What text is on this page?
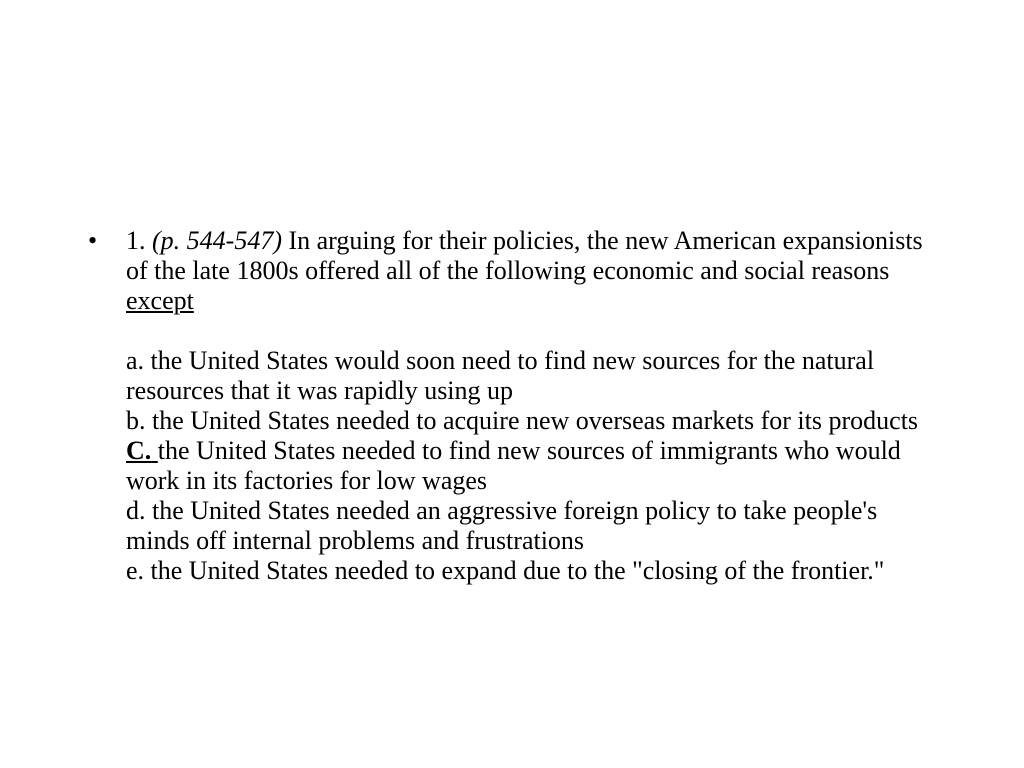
•	1. (p. 544-547) In arguing for their policies, the new American expansionists of the late 1800s offered all of the following economic and social reasons except

a. the United States would soon need to find new sources for the natural resources that it was rapidly using up

b. the United States needed to acquire new overseas markets for its products

C. the United States needed to find new sources of immigrants who would work in its factories for low wages

d. the United States needed an aggressive foreign policy to take people's minds off internal problems and frustrations

e. the United States needed to expand due to the "closing of the frontier."
